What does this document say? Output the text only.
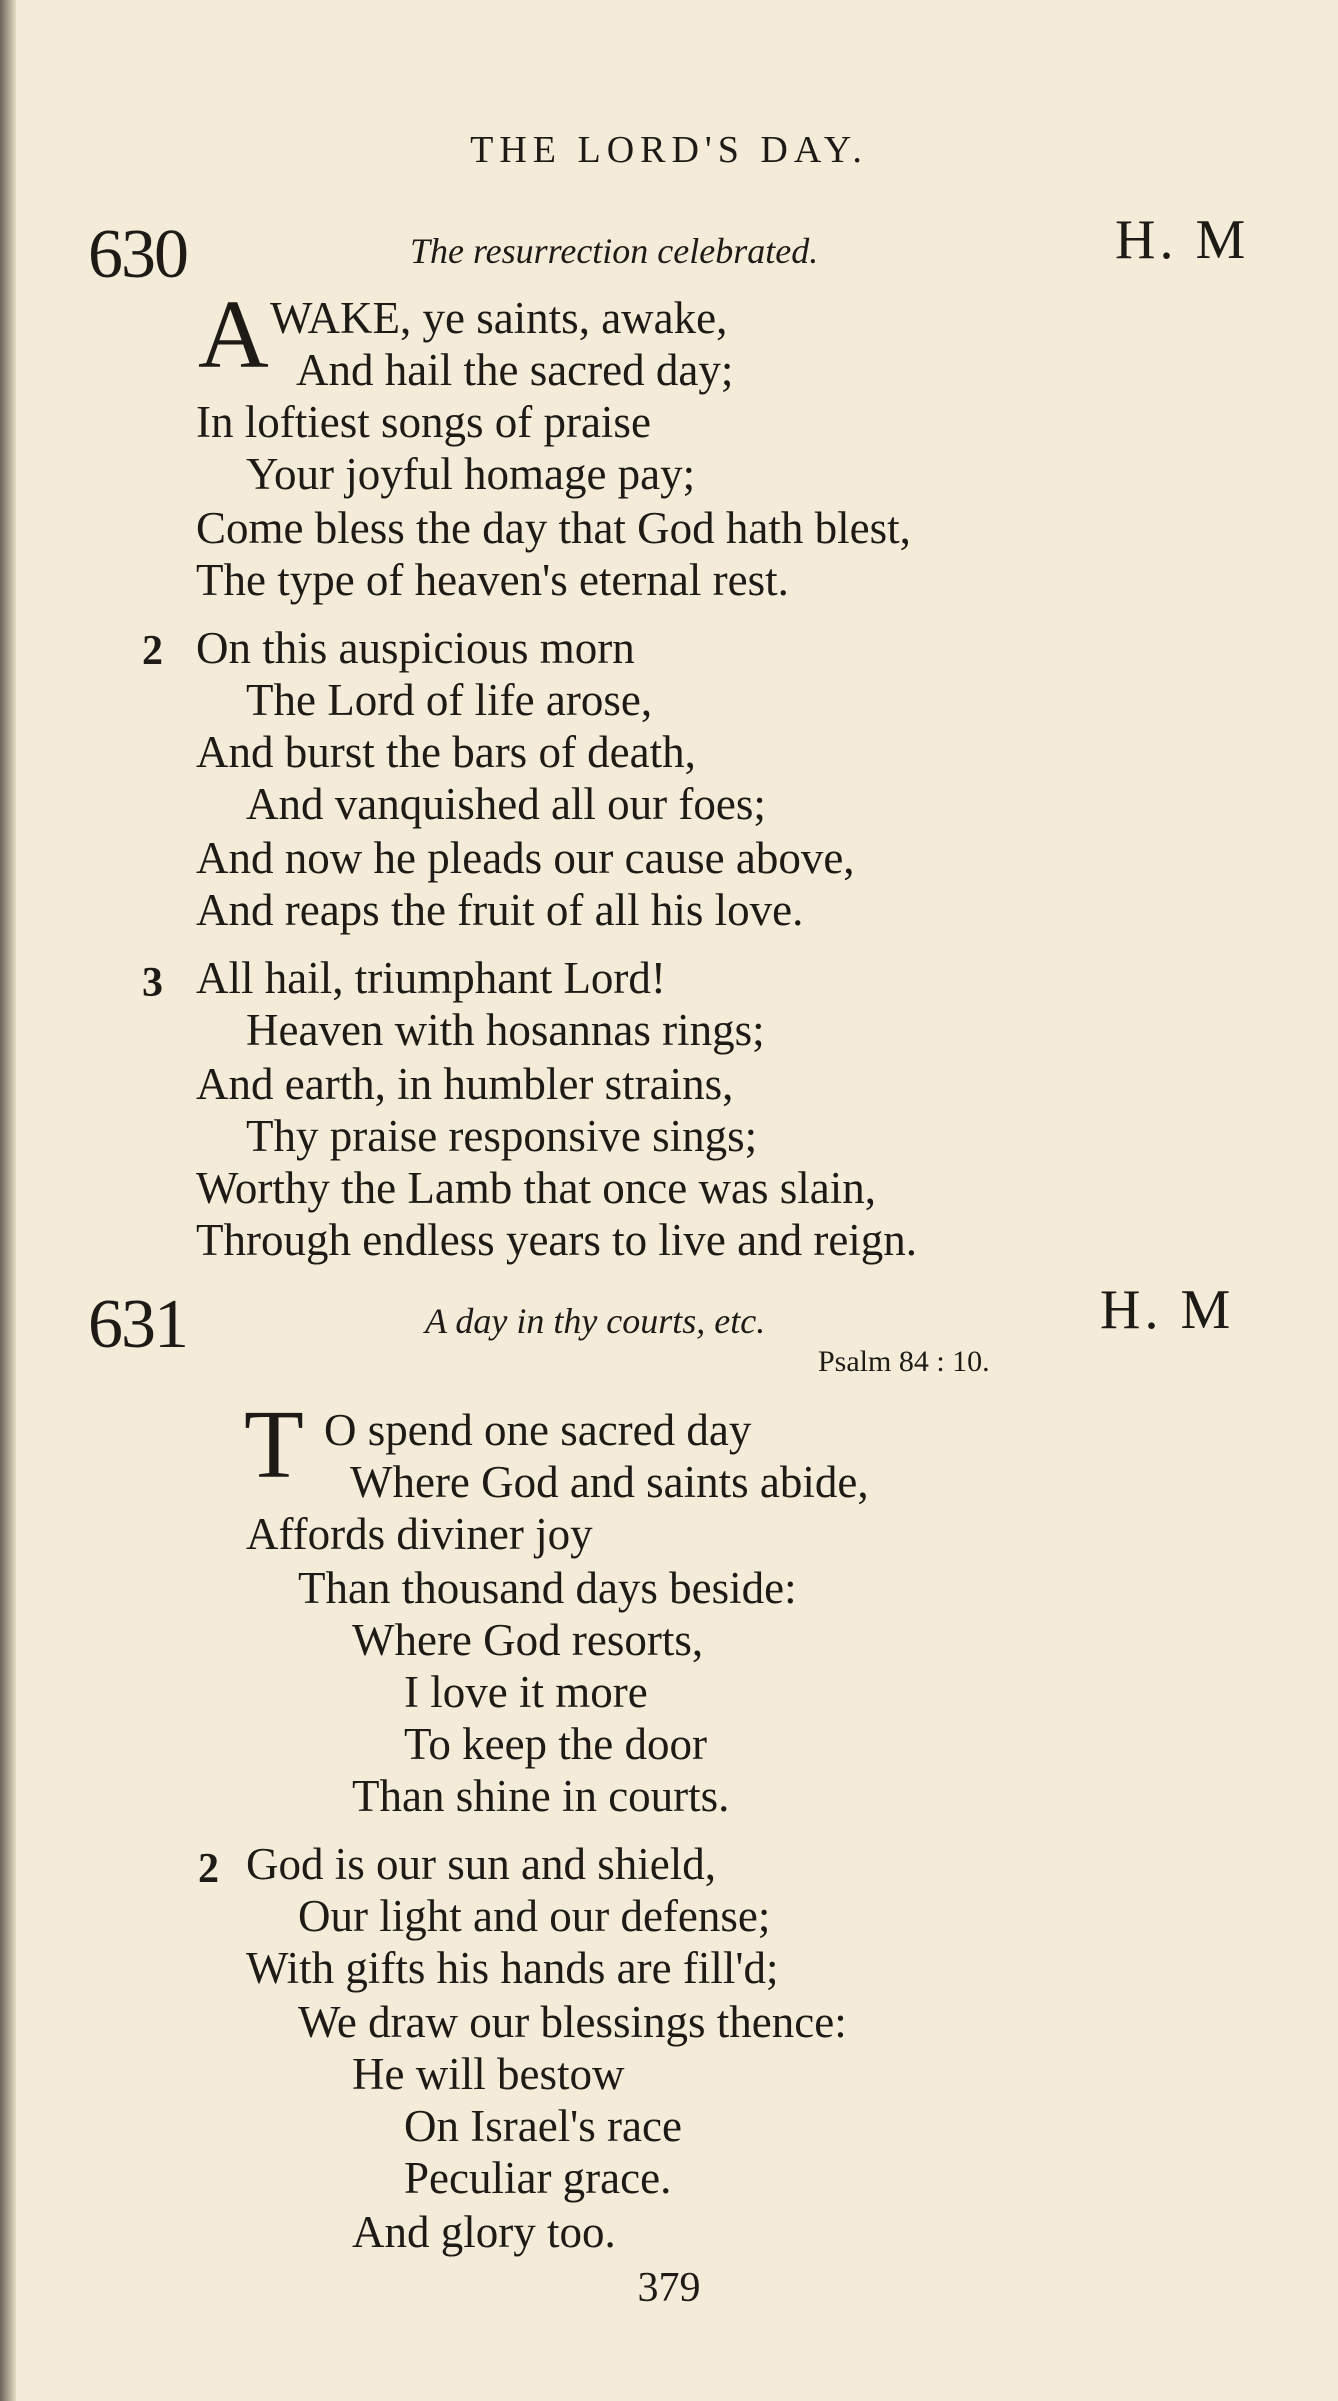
THE LORD'S DAY.
630	The resurrection celebrated.	H. M
A WAKE, ye saints, awake,
And hail the sacred day;
In loftiest songs of praise
Your joyful homage pay;
Come bless the day that God hath blest,
The type of heaven's eternal rest.
2 On this auspicious morn
The Lord of life arose,
And burst the bars of death,
And vanquished all our foes;
And now he pleads our cause above,
And reaps the fruit of all his love.
3 All hail, triumphant Lord!
Heaven with hosannas rings;
And earth, in humbler strains,
Thy praise responsive sings;
Worthy the Lamb that once was slain,
Through endless years to live and reign.
631	A day in thy courts, etc.	H. M
Psalm 84 : 10.
T O spend one sacred day
Where God and saints abide,
Affords diviner joy
Than thousand days beside:
Where God resorts,
I love it more
To keep the door
Than shine in courts.
2 God is our sun and shield,
Our light and our defense;
With gifts his hands are fill'd;
We draw our blessings thence:
He will bestow
On Israel's race
Peculiar grace.
And glory too.
379
